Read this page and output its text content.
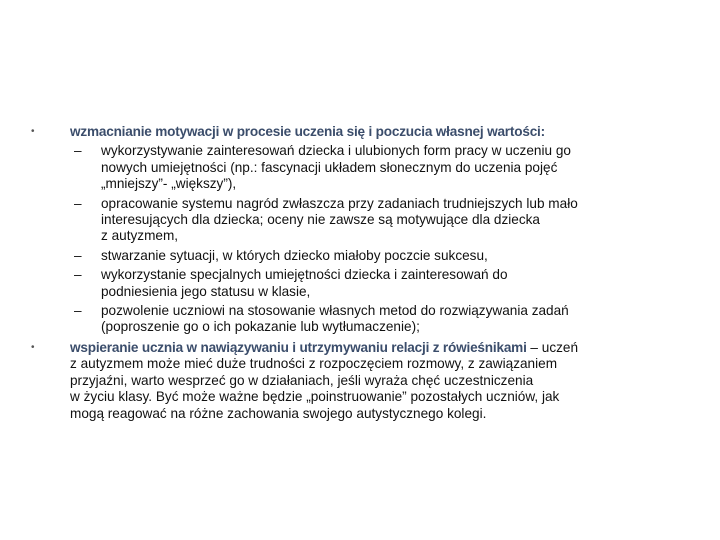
•	wzmacnianie motywacji w procesie uczenia się i poczucia własnej wartości:
– wykorzystywanie zainteresowań dziecka i ulubionych form pracy w uczeniu go
nowych umiejętności (np.: fascynacji układem słonecznym do uczenia pojęć
„mniejszy”- „większy”),
– opracowanie systemu nagród zwłaszcza przy zadaniach trudniejszych lub mało
interesujących dla dziecka; oceny nie zawsze są motywujące dla dziecka
z autyzmem,
– stwarzanie sytuacji, w których dziecko miałoby poczcie sukcesu,
– wykorzystanie specjalnych umiejętności dziecka i zainteresowań do
podniesienia jego statusu w klasie,
– pozwolenie uczniowi na stosowanie własnych metod do rozwiązywania zadań
(poproszenie go o ich pokazanie lub wytłumaczenie);
•	wspieranie ucznia w nawiązywaniu i utrzymywaniu relacji z rówieśnikami – uczeń
z autyzmem może mieć duże trudności z rozpoczęciem rozmowy, z zawiązaniem
przyjaźni, warto wesprzeć go w działaniach, jeśli wyraża chęć uczestniczenia
w życiu klasy. Być może ważne będzie „poinstruowanie” pozostałych uczniów, jak
mogą reagować na różne zachowania swojego autystycznego kolegi.
